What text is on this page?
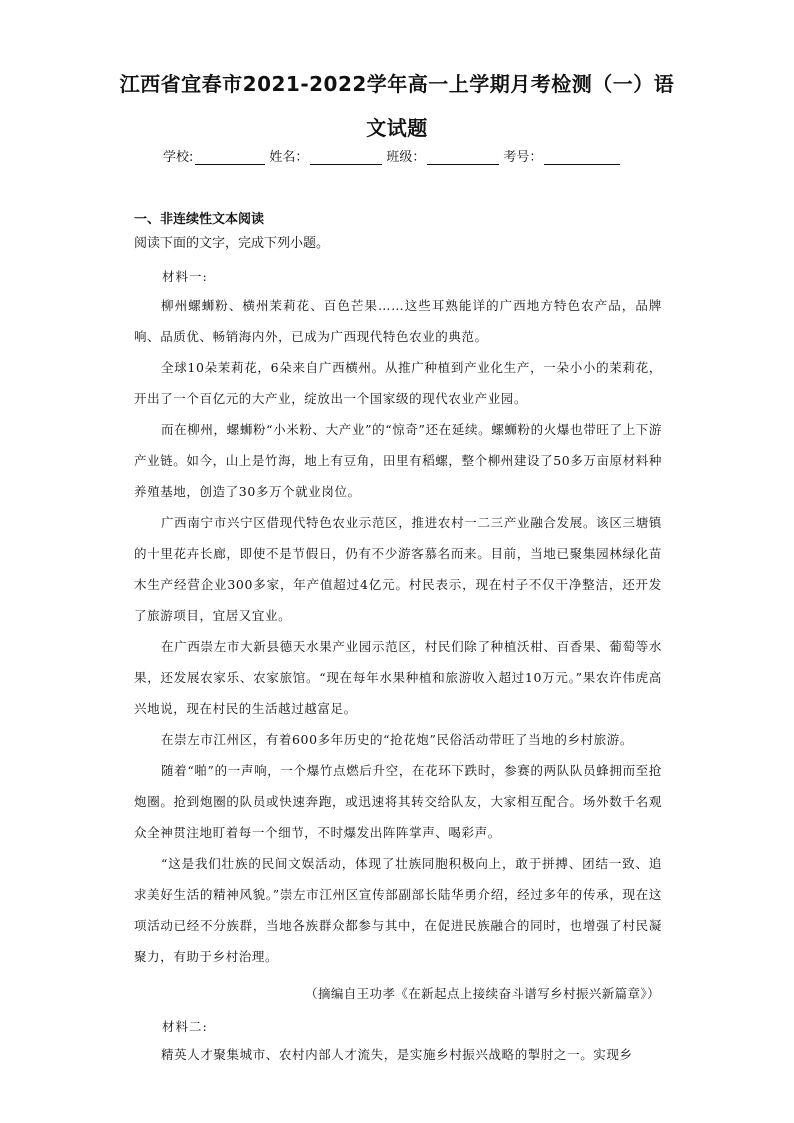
江西省宜春市2021-2022学年高一上学期月考检测（一）语
文试题
学校:	姓名：	班级：	考号：
一、非连续性文本阅读
阅读下面的文字，完成下列小题。
材料一:
柳州螺蛳粉、横州茉莉花、百色芒果……这些耳熟能详的广西地方特色农产品，品牌响、品质优、畅销海内外，已成为广西现代特色农业的典范。
全球10朵茉莉花，6朵来自广西横州。从推广种植到产业化生产，一朵小小的茉莉花，开出了一个百亿元的大产业，绽放出一个国家级的现代农业产业园。
而在柳州，螺蛳粉“小米粉、大产业”的“惊奇”还在延续。螺蛳粉的火爆也带旺了上下游产业链。如今，山上是竹海，地上有豆角，田里有稻螺，整个柳州建设了50多万亩原材料种养殖基地，创造了30多万个就业岗位。
广西南宁市兴宁区借现代特色农业示范区，推进农村一二三产业融合发展。该区三塘镇的十里花卉长廊，即使不是节假日，仍有不少游客慕名而来。目前，当地已聚集园林绿化苗木生产经营企业300多家，年产值超过4亿元。村民表示，现在村子不仅干净整洁，还开发了旅游项目，宜居又宜业。
在广西崇左市大新县德天水果产业园示范区，村民们除了种植沃柑、百香果、葡萄等水果，还发展农家乐、农家旅馆。“现在每年水果种植和旅游收入超过10万元。”果农许伟虎高兴地说，现在村民的生活越过越富足。
在崇左市江州区，有着600多年历史的“抢花炮”民俗活动带旺了当地的乡村旅游。
随着“啪”的一声响，一个爆竹点燃后升空，在花环下跌时，参赛的两队队员蜂拥而至抢炮圈。抢到炮圈的队员或快速奔跑，或迅速将其转交给队友，大家相互配合。场外数千名观众全神贯注地盯着每一个细节，不时爆发出阵阵掌声、喝彩声。
“这是我们壮族的民间文娱活动，体现了壮族同胞积极向上，敢于拼搏、团结一致、追求美好生活的精神风貌。”崇左市江州区宣传部副部长陆华勇介绍，经过多年的传承，现在这项活动已经不分族群，当地各族群众都参与其中，在促进民族融合的同时，也增强了村民凝聚力，有助于乡村治理。
（摘编自王功孝《在新起点上接续奋斗谱写乡村振兴新篇章》）
材料二:
精英人才聚集城市、农村内部人才流失，是实施乡村振兴战略的掣肘之一。实现乡
